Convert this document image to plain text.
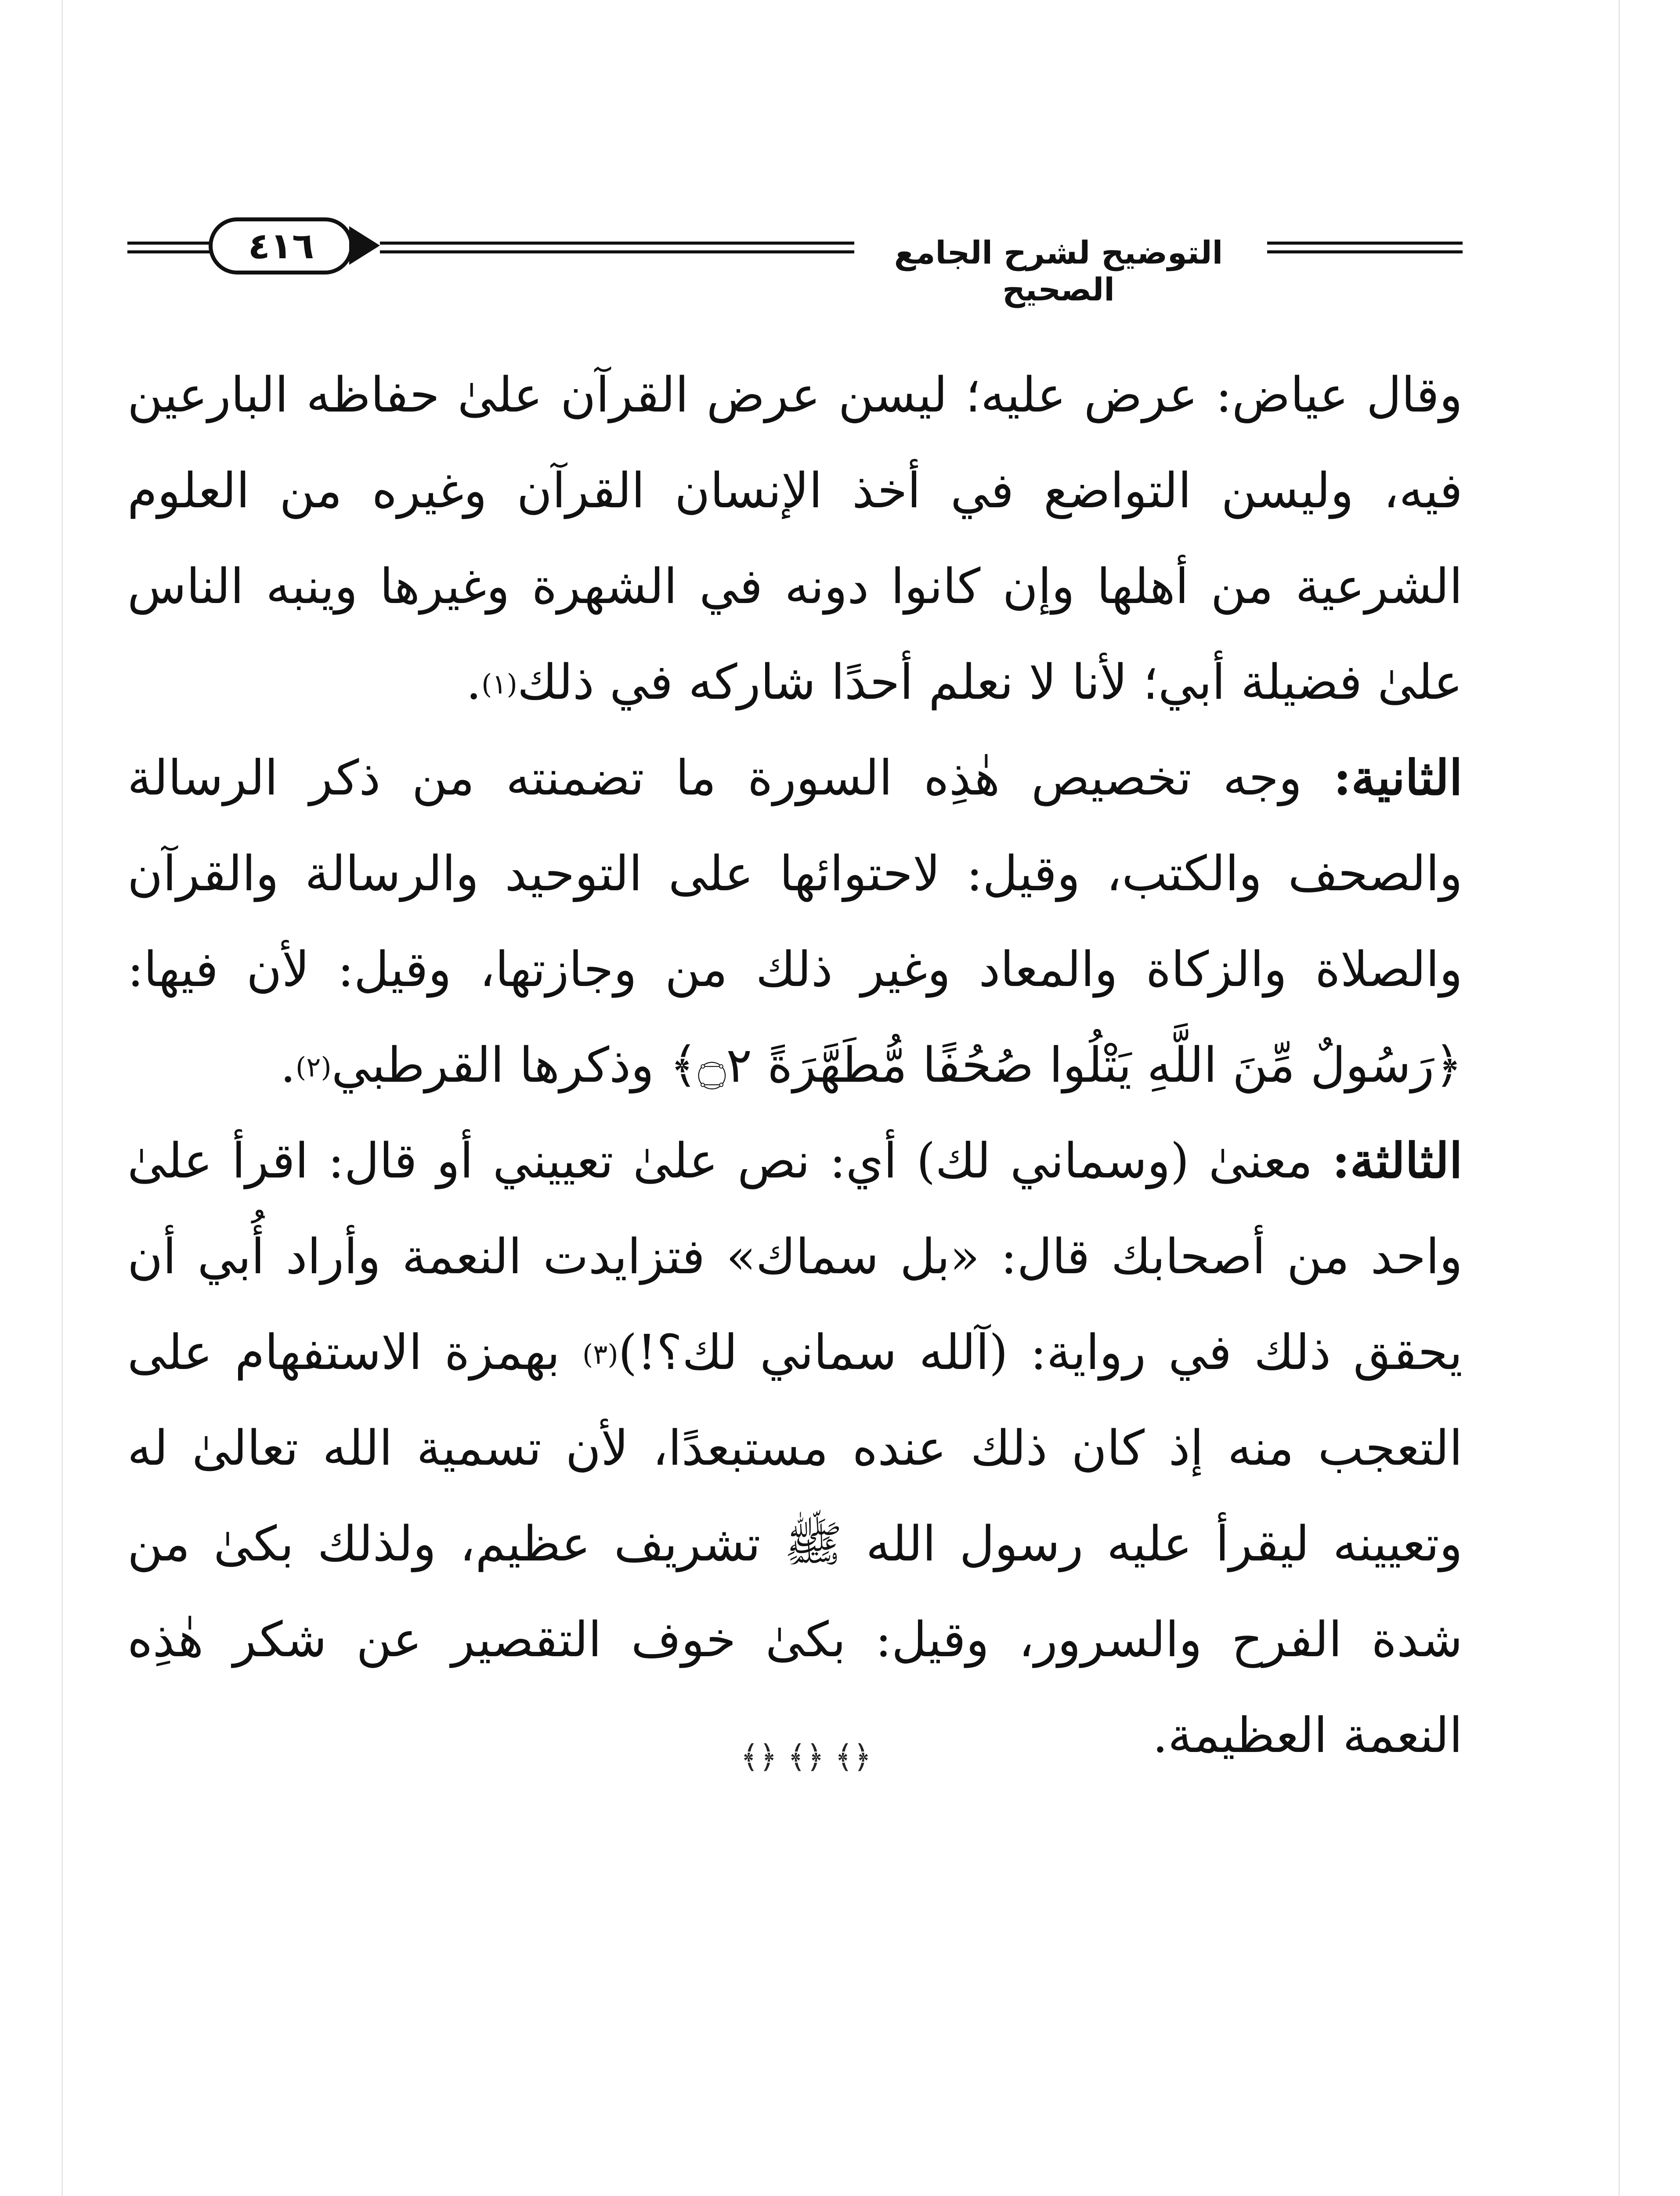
٤١٦	التوضيح لشرح الجامع الصحيح

وقال عياض: عرض عليه؛ ليسن عرض القرآن علىٰ حفاظه البارعين فيه، وليسن التواضع في أخذ الإنسان القرآن وغيره من العلوم الشرعية من أهلها وإن كانوا دونه في الشهرة وغيرها وينبه الناس علىٰ فضيلة أبي؛ لأنا لا نعلم أحدًا شاركه في ذلك$^{(١)}$.

الثانية: وجه تخصيص هٰذِه السورة ما تضمنته من ذكر الرسالة والصحف والكتب، وقيل: لاحتوائها على التوحيد والرسالة والقرآن والصلاة والزكاة والمعاد وغير ذلك من وجازتها، وقيل: لأن فيها: ﴿رَسُولٌ مِّنَ اللَّهِ يَتْلُوا صُحُفًا مُّطَهَّرَةً ۝٢﴾ وذكرها القرطبي$^{(٢)}$.

الثالثة: معنىٰ (وسماني لك) أي: نص علىٰ تعييني أو قال: اقرأ علىٰ واحد من أصحابك قال: «بل سماك» فتزايدت النعمة وأراد أُبي أن يحقق ذلك في رواية: (آلله سماني لك؟!)$^{(٣)}$ بهمزة الاستفهام على التعجب منه إذ كان ذلك عنده مستبعدًا، لأن تسمية الله تعالىٰ له وتعيينه ليقرأ عليه رسول الله ﷺ تشريف عظيم، ولذلك بكىٰ من شدة الفرح والسرور، وقيل: بكىٰ خوف التقصير عن شكر هٰذِه النعمة العظيمة.

﴾﴿ ﴾﴿ ﴾﴿
